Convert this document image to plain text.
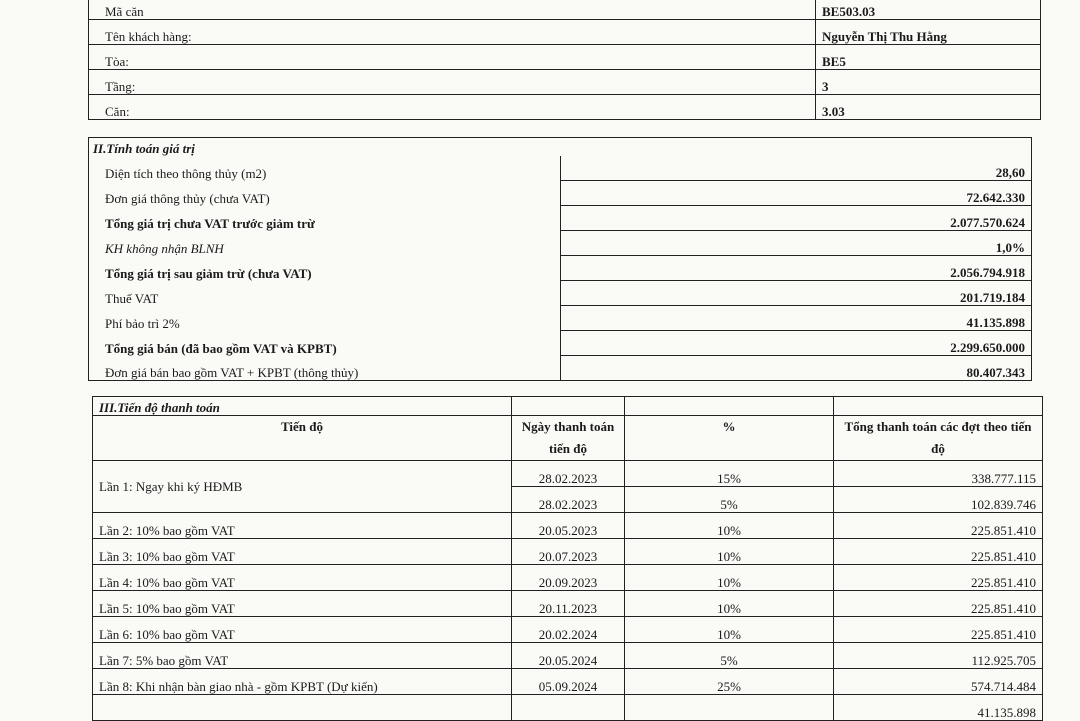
Mã căn	BE503.03
Tên khách hàng:	Nguyễn Thị Thu Hằng
Tòa:	BE5
Tầng:	3
Căn:	3.03
II.Tính toán giá trị	
Diện tích theo thông thủy (m2)	28,60
Đơn giá thông thủy (chưa VAT)	72.642.330
Tổng giá trị chưa VAT trước giảm trừ	2.077.570.624
KH không nhận BLNH	1,0%
Tổng giá trị sau giảm trừ (chưa VAT)	2.056.794.918
Thuế VAT	201.719.184
Phí bảo trì 2%	41.135.898
Tổng giá bán (đã bao gồm VAT và KPBT)	2.299.650.000
Đơn giá bán bao gồm VAT + KPBT (thông thủy)	80.407.343
III.Tiến độ thanh toán			
Tiến độ	Ngày thanh toán tiến độ	%	Tổng thanh toán các đợt theo tiến độ
Lần 1: Ngay khi ký HĐMB	28.02.2023	15%	338.777.115
	28.02.2023	5%	102.839.746
Lần 2: 10% bao gồm VAT	20.05.2023	10%	225.851.410
Lần 3: 10% bao gồm VAT	20.07.2023	10%	225.851.410
Lần 4: 10% bao gồm VAT	20.09.2023	10%	225.851.410
Lần 5: 10% bao gồm VAT	20.11.2023	10%	225.851.410
Lần 6: 10% bao gồm VAT	20.02.2024	10%	225.851.410
Lần 7: 5% bao gồm VAT	20.05.2024	5%	112.925.705
Lần 8: Khi nhận bàn giao nhà - gồm KPBT (Dự kiến)	05.09.2024	25%	574.714.484
			41.135.898
